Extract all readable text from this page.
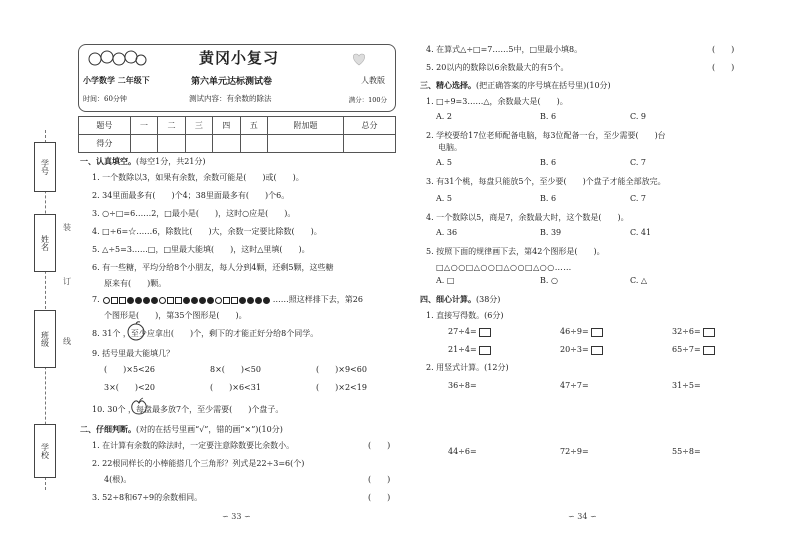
学号
姓名
班级
学校
装
订
线
黄冈小复习
小学数学 二年级下	第六单元达标测试卷	人教版
时间：60分钟	测试内容：有余数的除法	满分：100分
题号	一	二	三	四	五	附加题	总分
得分							
一、认真填空。(每空1分，共21分)
1. 一个数除以3，如果有余数，余数可能是(　　)或(　　)。
2. 34里面最多有(　　)个4；38里面最多有(　　)个6。
3. ○÷□=6……2，□最小是(　　)，这时○应是(　　)。
4. □÷6=☆……6，除数比(　　)大，余数一定要比除数(　　)。
5. △÷5=3……□，□里最大能填(　　)，这时△里填(　　)。
6. 有一些糖，平均分给8个小朋友，每人分到4颗，还剩5颗，这些糖
原来有(　　)颗。
7.	……照这样排下去，第26
个图形是(　　)，第35个图形是(　　)。
8. 31个 ，至少应拿出(　　)个，剩下的才能正好分给8个同学。
9. 括号里最大能填几？
(　　)×5<26	8×(　　)<50	(　　)×9<60
3×(　　)<20	(　　)×6<31	(　　)×2<19
10. 30个 ，每盘最多放7个，至少需要(　　)个盘子。
二、仔细判断。(对的在括号里画“√”，错的画“×”)(10分)
1. 在计算有余数的除法时，一定要注意除数要比余数小。	(　　)
2. 22根同样长的小棒能搭几个三角形？列式是22÷3=6(个)
4(根)。	(　　)
3. 52÷8和67÷9的余数相同。	(　　)
∽ 33 ∽
4. 在算式△÷□=7……5中，□里最小填8。	(　　)
5. 20以内的数除以6余数最大的有5个。	(　　)
三、精心选择。(把正确答案的序号填在括号里)(10分)
1. □÷9=3……△，余数最大是(　　)。
A. 2	B. 6	C. 9
2. 学校要给17位老师配备电脑，每3位配备一台，至少需要(　　)台
电脑。
A. 5	B. 6	C. 7
3. 有31个桃，每盘只能放5个，至少要(　　)个盘子才能全部放完。
A. 5	B. 6	C. 7
4. 一个数除以5，商是7，余数最大时，这个数是(　　)。
A. 36	B. 39	C. 41
5. 按照下面的规律画下去，第42个图形是(　　)。
□△○○□△○○□△○○□△○○……
A. □	B. ○	C. △
四、细心计算。(38分)
1. 直接写得数。(6分)
27÷4=	46÷9=	32÷6=
21÷4=	20÷3=	65÷7=
2. 用竖式计算。(12分)
36÷8=	47÷7=	31÷5=
44÷6=	72÷9=	55÷8=
∽ 34 ∽
